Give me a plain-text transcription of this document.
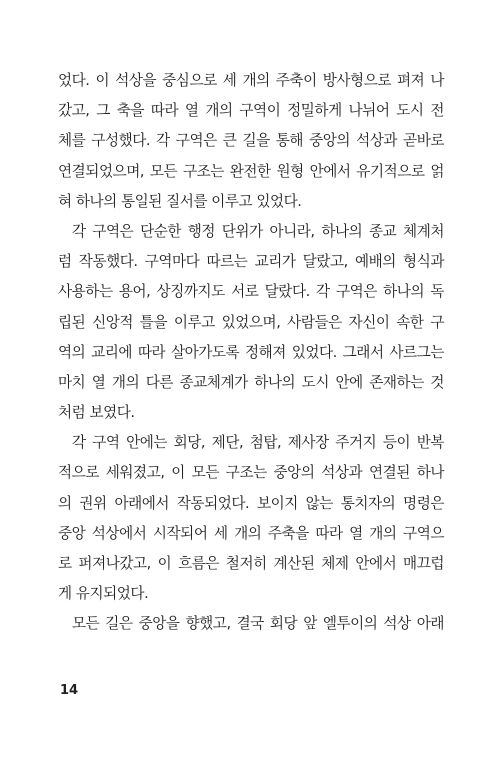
었다. 이 석상을 중심으로 세 개의 주축이 방사형으로 펴져 나
갔고, 그 축을 따라 열 개의 구역이 정밀하게 나뉘어 도시 전
체를 구성했다. 각 구역은 큰 길을 통해 중앙의 석상과 곧바로
연결되었으며, 모든 구조는 완전한 원형 안에서 유기적으로 얽
혀 하나의 통일된 질서를 이루고 있었다.
각 구역은 단순한 행정 단위가 아니라, 하나의 종교 체계처
럼 작동했다. 구역마다 따르는 교리가 달랐고, 예배의 형식과
사용하는 용어, 상징까지도 서로 달랐다. 각 구역은 하나의 독
립된 신앙적 틀을 이루고 있었으며, 사람들은 자신이 속한 구
역의 교리에 따라 살아가도록 정해져 있었다. 그래서 사르그는
마치 열 개의 다른 종교체계가 하나의 도시 안에 존재하는 것
처럼 보였다.
각 구역 안에는 회당, 제단, 첨탑, 제사장 주거지 등이 반복
적으로 세워졌고, 이 모든 구조는 중앙의 석상과 연결된 하나
의 권위 아래에서 작동되었다. 보이지 않는 통치자의 명령은
중앙 석상에서 시작되어 세 개의 주축을 따라 열 개의 구역으
로 퍼져나갔고, 이 흐름은 철저히 계산된 체제 안에서 매끄럽
게 유지되었다.
모든 길은 중앙을 향했고, 결국 회당 앞 엘투이의 석상 아래
14
